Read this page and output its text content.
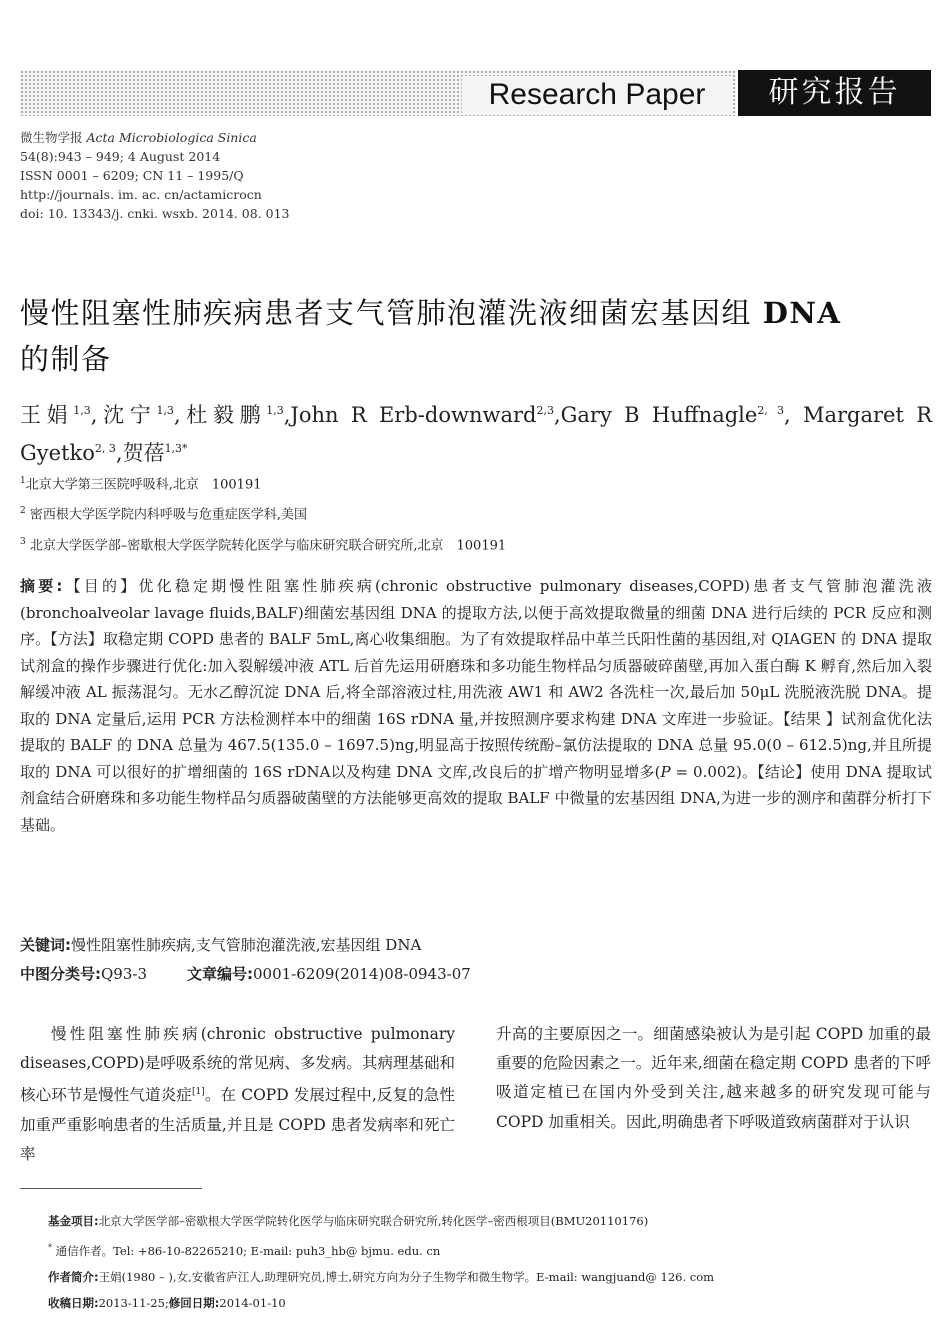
Research Paper	研究报告
微生物学报 Acta Microbiologica Sinica
54(8):943 – 949; 4 August 2014
ISSN 0001 – 6209; CN 11 – 1995/Q
http://journals. im. ac. cn/actamicrocn
doi: 10. 13343/j. cnki. wsxb. 2014. 08. 013
慢性阻塞性肺疾病患者支气管肺泡灌洗液细菌宏基因组 DNA
的制备
王娟$^{1,3}$,沈宁$^{1,3}$,杜毅鹏$^{1,3}$,John R Erb-downward$^{2,3}$,Gary B Huffnagle$^{2, 3}$, Margaret R Gyetko$^{2, 3}$,贺蓓$^{1,3*}$
$^1$北京大学第三医院呼吸科,北京　100191
$^2$ 密西根大学医学院内科呼吸与危重症医学科,美国
$^3$ 北京大学医学部–密歇根大学医学院转化医学与临床研究联合研究所,北京　100191
摘要:【目的】优化稳定期慢性阻塞性肺疾病(chronic obstructive pulmonary diseases,COPD)患者支气管肺泡灌洗液(bronchoalveolar lavage fluids,BALF)细菌宏基因组 DNA 的提取方法,以便于高效提取微量的细菌 DNA 进行后续的 PCR 反应和测序。【方法】取稳定期 COPD 患者的 BALF 5mL,离心收集细胞。为了有效提取样品中革兰氏阳性菌的基因组,对 QIAGEN 的 DNA 提取试剂盒的操作步骤进行优化:加入裂解缓冲液 ATL 后首先运用研磨珠和多功能生物样品匀质器破碎菌壁,再加入蛋白酶 K 孵育,然后加入裂解缓冲液 AL 振荡混匀。无水乙醇沉淀 DNA 后,将全部溶液过柱,用洗液 AW1 和 AW2 各洗柱一次,最后加 50μL 洗脱液洗脱 DNA。提取的 DNA 定量后,运用 PCR 方法检测样本中的细菌 16S rDNA 量,并按照测序要求构建 DNA 文库进一步验证。【结果 】试剂盒优化法提取的 BALF 的 DNA 总量为 467.5(135.0 – 1697.5)ng,明显高于按照传统酚–氯仿法提取的 DNA 总量 95.0(0 – 612.5)ng,并且所提取的 DNA 可以很好的扩增细菌的 16S rDNA以及构建 DNA 文库,改良后的扩增产物明显增多(P = 0.002)。【结论】使用 DNA 提取试剂盒结合研磨珠和多功能生物样品匀质器破菌壁的方法能够更高效的提取 BALF 中微量的宏基因组 DNA,为进一步的测序和菌群分析打下基础。
关键词:慢性阻塞性肺疾病,支气管肺泡灌洗液,宏基因组 DNA
中图分类号:Q93-3	文章编号:0001-6209(2014)08-0943-07
慢性阻塞性肺疾病(chronic obstructive pulmonary diseases,COPD)是呼吸系统的常见病、多发病。其病理基础和核心环节是慢性气道炎症[1]。在 COPD 发展过程中,反复的急性加重严重影响患者的生活质量,并且是 COPD 患者发病率和死亡率
升高的主要原因之一。细菌感染被认为是引起 COPD 加重的最重要的危险因素之一。近年来,细菌在稳定期 COPD 患者的下呼吸道定植已在国内外受到关注,越来越多的研究发现可能与 COPD 加重相关。因此,明确患者下呼吸道致病菌群对于认识
基金项目:北京大学医学部–密歇根大学医学院转化医学与临床研究联合研究所,转化医学–密西根项目(BMU20110176)
* 通信作者。Tel: +86-10-82265210; E-mail: puh3_hb@ bjmu. edu. cn
作者简介:王娟(1980 – ),女,安徽省庐江人,助理研究员,博士,研究方向为分子生物学和微生物学。E-mail: wangjuand@ 126. com
收稿日期:2013-11-25;修回日期:2014-01-10
